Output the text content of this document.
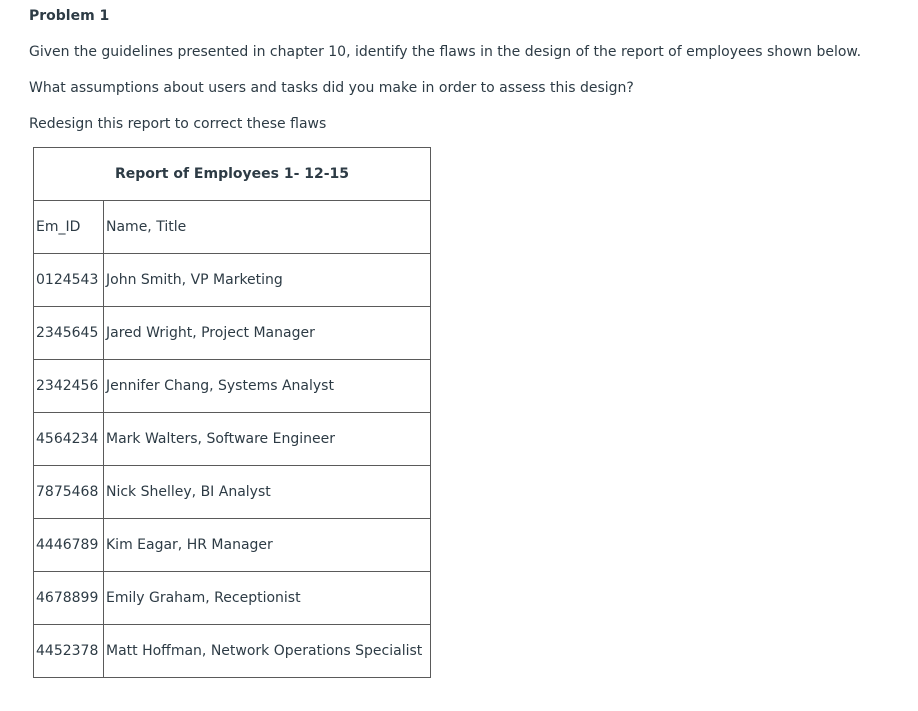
Problem 1

Given the guidelines presented in chapter 10, identify the flaws in the design of the report of employees shown below.

What assumptions about users and tasks did you make in order to assess this design?

Redesign this report to correct these flaws

Report of Employees 1- 12-15	
Em_ID	Name, Title
0124543	John Smith, VP Marketing
2345645	Jared Wright, Project Manager
2342456	Jennifer Chang, Systems Analyst
4564234	Mark Walters, Software Engineer
7875468	Nick Shelley, BI Analyst
4446789	Kim Eagar, HR Manager
4678899	Emily Graham, Receptionist
4452378	Matt Hoffman, Network Operations Specialist
